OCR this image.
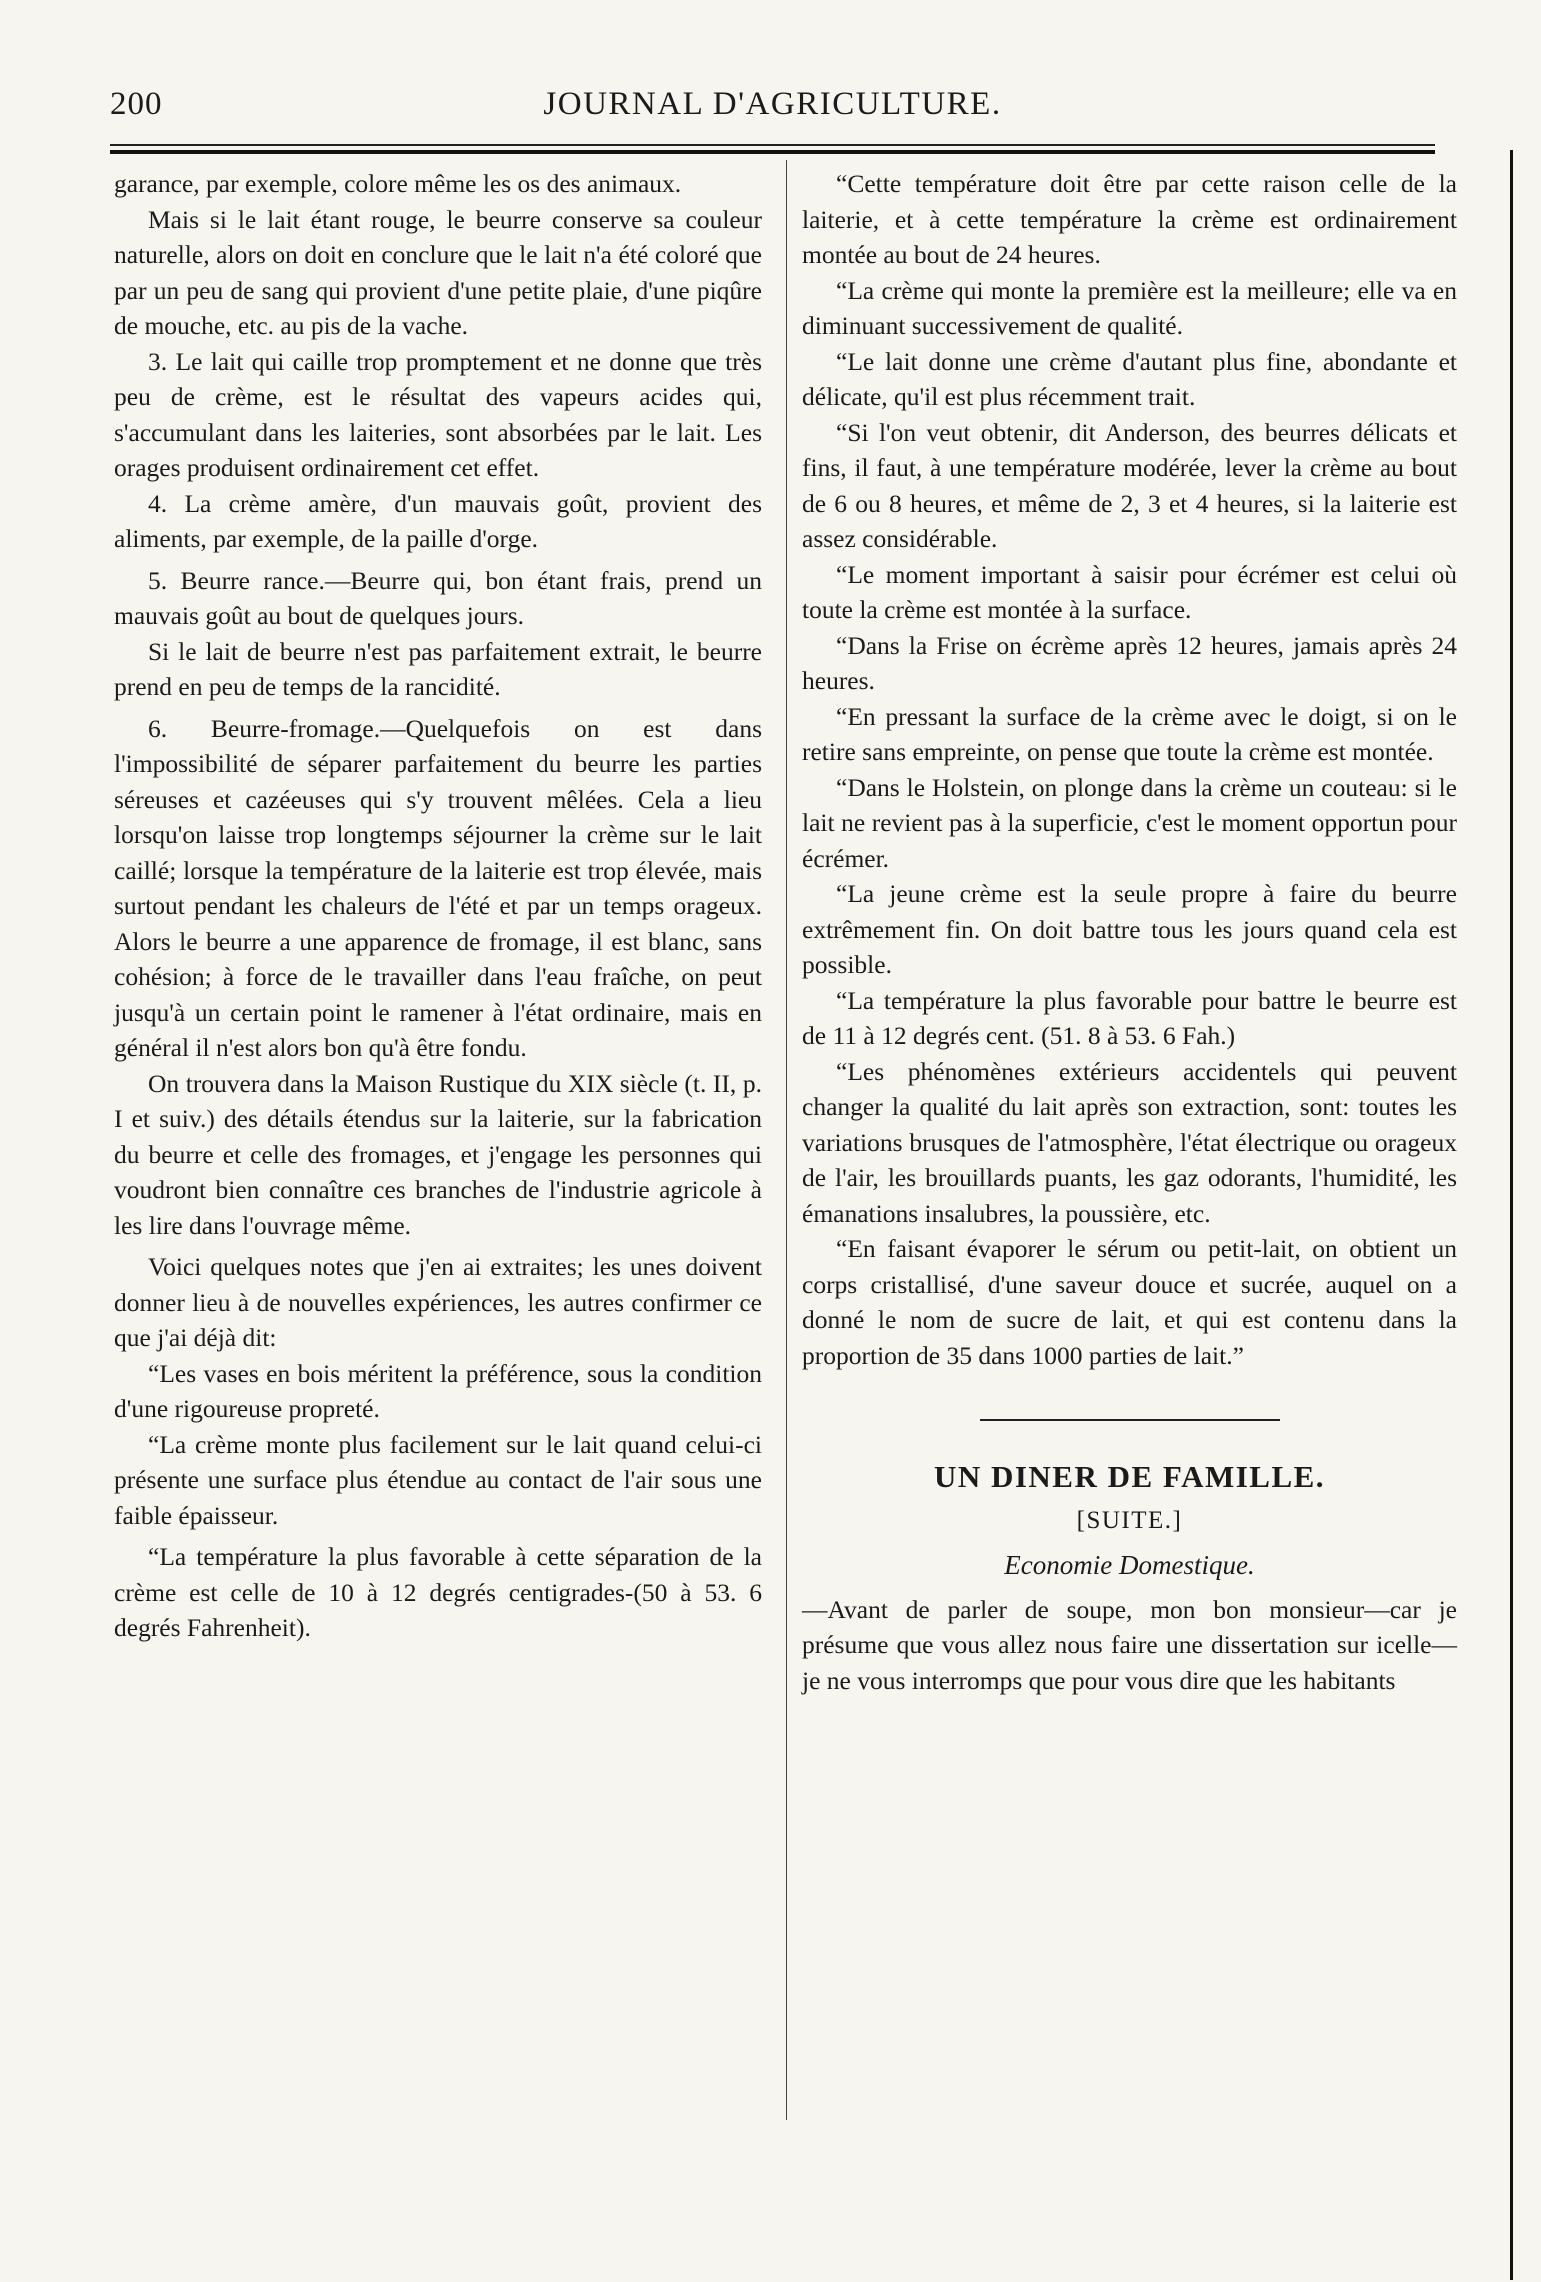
200	JOURNAL D'AGRICULTURE.

garance, par exemple, colore même les os des animaux.

Mais si le lait étant rouge, le beurre conserve sa couleur naturelle, alors on doit en conclure que le lait n'a été coloré que par un peu de sang qui provient d'une petite plaie, d'une piqûre de mouche, etc. au pis de la vache.

3. Le lait qui caille trop promptement et ne donne que très peu de crème, est le résultat des vapeurs acides qui, s'accumulant dans les laiteries, sont absorbées par le lait. Les orages produisent ordinairement cet effet.

4. La crème amère, d'un mauvais goût, provient des aliments, par exemple, de la paille d'orge.

5. Beurre rance.—Beurre qui, bon étant frais, prend un mauvais goût au bout de quelques jours.

Si le lait de beurre n'est pas parfaitement extrait, le beurre prend en peu de temps de la rancidité.

6. Beurre-fromage.—Quelquefois on est dans l'impossibilité de séparer parfaitement du beurre les parties séreuses et cazéeuses qui s'y trouvent mêlées. Cela a lieu lorsqu'on laisse trop longtemps séjourner la crème sur le lait caillé; lorsque la température de la laiterie est trop élevée, mais surtout pendant les chaleurs de l'été et par un temps orageux. Alors le beurre a une apparence de fromage, il est blanc, sans cohésion; à force de le travailler dans l'eau fraîche, on peut jusqu'à un certain point le ramener à l'état ordinaire, mais en général il n'est alors bon qu'à être fondu.

On trouvera dans la Maison Rustique du XIX siècle (t. II, p. I et suiv.) des détails étendus sur la laiterie, sur la fabrication du beurre et celle des fromages, et j'engage les personnes qui voudront bien connaître ces branches de l'industrie agricole à les lire dans l'ouvrage même.

Voici quelques notes que j'en ai extraites; les unes doivent donner lieu à de nouvelles expériences, les autres confirmer ce que j'ai déjà dit:

“Les vases en bois méritent la préférence, sous la condition d'une rigoureuse propreté.

“La crème monte plus facilement sur le lait quand celui-ci présente une surface plus étendue au contact de l'air sous une faible épaisseur.

“La température la plus favorable à cette séparation de la crème est celle de 10 à 12 degrés centigrades-(50 à 53. 6 degrés Fahrenheit).

“Cette température doit être par cette raison celle de la laiterie, et à cette température la crème est ordinairement montée au bout de 24 heures.

“La crème qui monte la première est la meilleure; elle va en diminuant successivement de qualité.

“Le lait donne une crème d'autant plus fine, abondante et délicate, qu'il est plus récemment trait.

“Si l'on veut obtenir, dit Anderson, des beurres délicats et fins, il faut, à une température modérée, lever la crème au bout de 6 ou 8 heures, et même de 2, 3 et 4 heures, si la laiterie est assez considérable.

“Le moment important à saisir pour écrémer est celui où toute la crème est montée à la surface.

“Dans la Frise on écrème après 12 heures, jamais après 24 heures.

“En pressant la surface de la crème avec le doigt, si on le retire sans empreinte, on pense que toute la crème est montée.

“Dans le Holstein, on plonge dans la crème un couteau: si le lait ne revient pas à la superficie, c'est le moment opportun pour écrémer.

“La jeune crème est la seule propre à faire du beurre extrêmement fin. On doit battre tous les jours quand cela est possible.

“La température la plus favorable pour battre le beurre est de 11 à 12 degrés cent. (51. 8 à 53. 6 Fah.)

“Les phénomènes extérieurs accidentels qui peuvent changer la qualité du lait après son extraction, sont: toutes les variations brusques de l'atmosphère, l'état électrique ou orageux de l'air, les brouillards puants, les gaz odorants, l'humidité, les émanations insalubres, la poussière, etc.

“En faisant évaporer le sérum ou petit-lait, on obtient un corps cristallisé, d'une saveur douce et sucrée, auquel on a donné le nom de sucre de lait, et qui est contenu dans la proportion de 35 dans 1000 parties de lait.”

UN DINER DE FAMILLE.
[SUITE.]
Economie Domestique.

—Avant de parler de soupe, mon bon monsieur—car je présume que vous allez nous faire une dissertation sur icelle—je ne vous interromps que pour vous dire que les habitants
